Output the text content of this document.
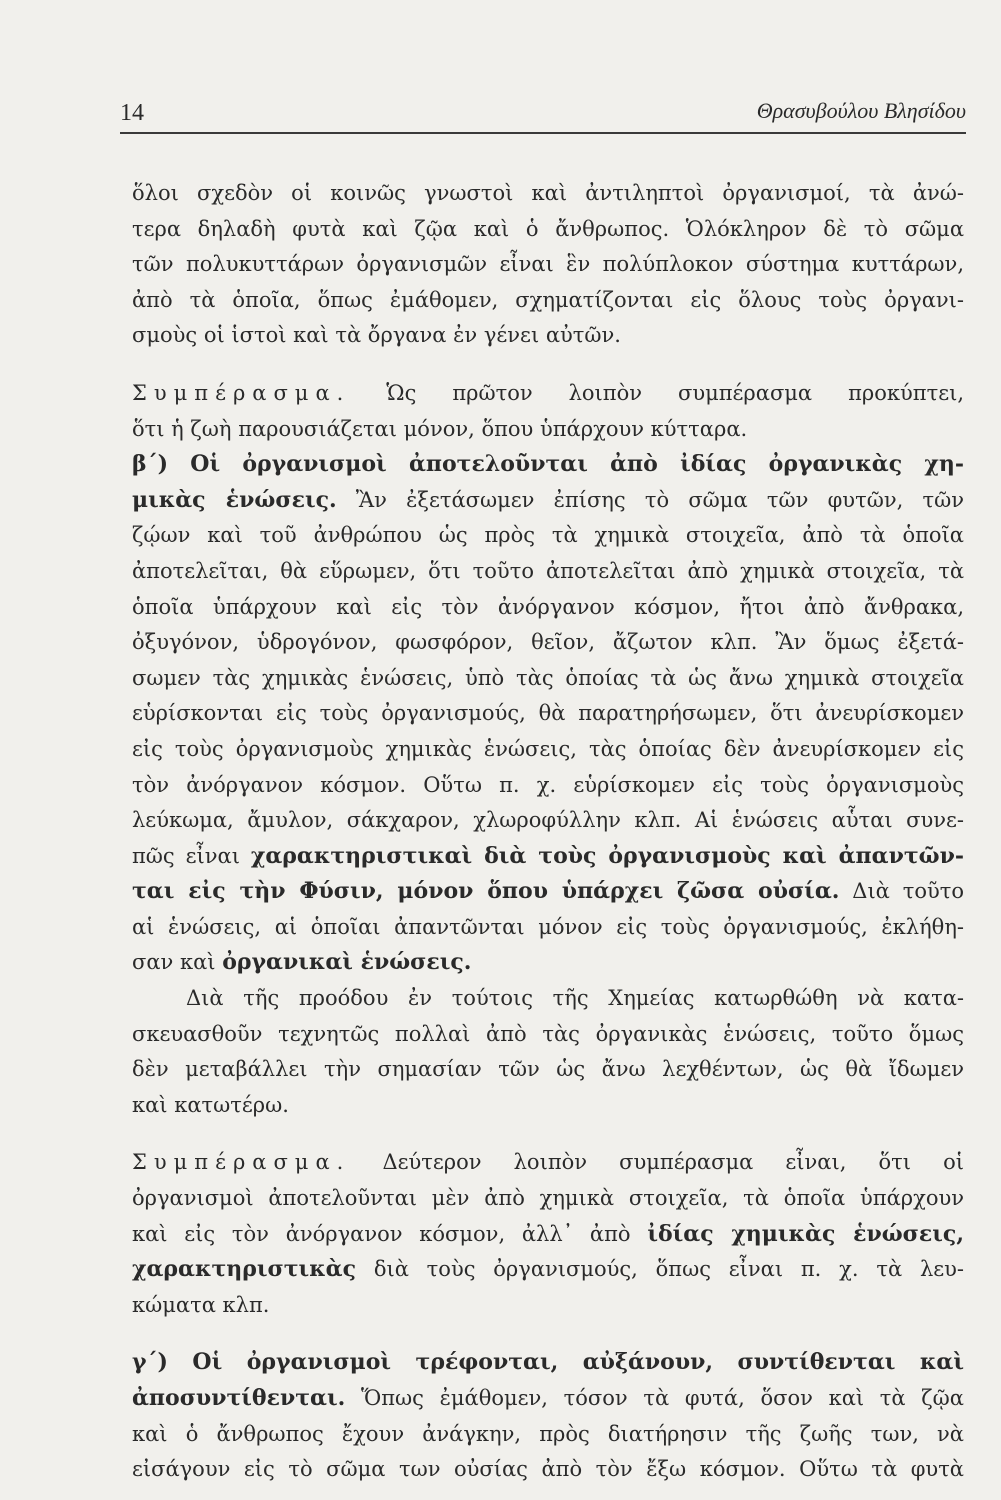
14	Θρασυβούλου Βλησίδου
ὅλοι σχεδὸν οἱ κοινῶς γνωστοὶ καὶ ἀντιληπτοὶ ὀργανισμοί, τὰ ἀνώ-
τερα δηλαδὴ φυτὰ καὶ ζῷα καὶ ὁ ἄνθρωπος. Ὁλόκληρον δὲ τὸ σῶμα
τῶν πολυκυττάρων ὀργανισμῶν εἶναι ἓν πολύπλοκον σύστημα κυττάρων,
ἀπὸ τὰ ὁποῖα, ὅπως ἐμάθομεν, σχηματίζονται εἰς ὅλους τοὺς ὀργανι-
σμοὺς οἱ ἱστοὶ καὶ τὰ ὄργανα ἐν γένει αὐτῶν.
Συμπέρασμα. Ὡς πρῶτον λοιπὸν συμπέρασμα προκύπτει,
ὅτι ἡ ζωὴ παρουσιάζεται μόνον, ὅπου ὑπάρχουν κύτταρα.
β΄) Οἱ ὀργανισμοὶ ἀποτελοῦνται ἀπὸ ἰδίας ὀργανικὰς χη-
μικὰς ἑνώσεις. Ἂν ἐξετάσωμεν ἐπίσης τὸ σῶμα τῶν φυτῶν, τῶν
ζῴων καὶ τοῦ ἀνθρώπου ὡς πρὸς τὰ χημικὰ στοιχεῖα, ἀπὸ τὰ ὁποῖα
ἀποτελεῖται, θὰ εὕρωμεν, ὅτι τοῦτο ἀποτελεῖται ἀπὸ χημικὰ στοιχεῖα, τὰ
ὁποῖα ὑπάρχουν καὶ εἰς τὸν ἀνόργανον κόσμον, ἤτοι ἀπὸ ἄνθρακα,
ὀξυγόνον, ὑδρογόνον, φωσφόρον, θεῖον, ἄζωτον κλπ. Ἂν ὅμως ἐξετά-
σωμεν τὰς χημικὰς ἑνώσεις, ὑπὸ τὰς ὁποίας τὰ ὡς ἄνω χημικὰ στοιχεῖα
εὑρίσκονται εἰς τοὺς ὀργανισμούς, θὰ παρατηρήσωμεν, ὅτι ἀνευρίσκομεν
εἰς τοὺς ὀργανισμοὺς χημικὰς ἑνώσεις, τὰς ὁποίας δὲν ἀνευρίσκομεν εἰς
τὸν ἀνόργανον κόσμον. Οὕτω π. χ. εὑρίσκομεν εἰς τοὺς ὀργανισμοὺς
λεύκωμα, ἄμυλον, σάκχαρον, χλωροφύλλην κλπ. Αἱ ἑνώσεις αὗται συνε-
πῶς εἶναι χαρακτηριστικαὶ διὰ τοὺς ὀργανισμοὺς καὶ ἀπαντῶν-
ται εἰς τὴν Φύσιν, μόνον ὅπου ὑπάρχει ζῶσα οὐσία. Διὰ τοῦτο
αἱ ἑνώσεις, αἱ ὁποῖαι ἀπαντῶνται μόνον εἰς τοὺς ὀργανισμούς, ἐκλήθη-
σαν καὶ ὀργανικαὶ ἑνώσεις.
Διὰ τῆς προόδου ἐν τούτοις τῆς Χημείας κατωρθώθη νὰ κατα-
σκευασθοῦν τεχνητῶς πολλαὶ ἀπὸ τὰς ὀργανικὰς ἑνώσεις, τοῦτο ὅμως
δὲν μεταβάλλει τὴν σημασίαν τῶν ὡς ἄνω λεχθέντων, ὡς θὰ ἴδωμεν
καὶ κατωτέρω.
Συμπέρασμα. Δεύτερον λοιπὸν συμπέρασμα εἶναι, ὅτι οἱ
ὀργανισμοὶ ἀποτελοῦνται μὲν ἀπὸ χημικὰ στοιχεῖα, τὰ ὁποῖα ὑπάρχουν
καὶ εἰς τὸν ἀνόργανον κόσμον, ἀλλ᾿ ἀπὸ ἰδίας χημικὰς ἑνώσεις,
χαρακτηριστικὰς διὰ τοὺς ὀργανισμούς, ὅπως εἶναι π. χ. τὰ λευ-
κώματα κλπ.
γ΄) Οἱ ὀργανισμοὶ τρέφονται, αὐξάνουν, συντίθενται καὶ
ἀποσυντίθενται. Ὅπως ἐμάθομεν, τόσον τὰ φυτά, ὅσον καὶ τὰ ζῷα
καὶ ὁ ἄνθρωπος ἔχουν ἀνάγκην, πρὸς διατήρησιν τῆς ζωῆς των, νὰ
εἰσάγουν εἰς τὸ σῶμα των οὐσίας ἀπὸ τὸν ἔξω κόσμον. Οὕτω τὰ φυτὰ
